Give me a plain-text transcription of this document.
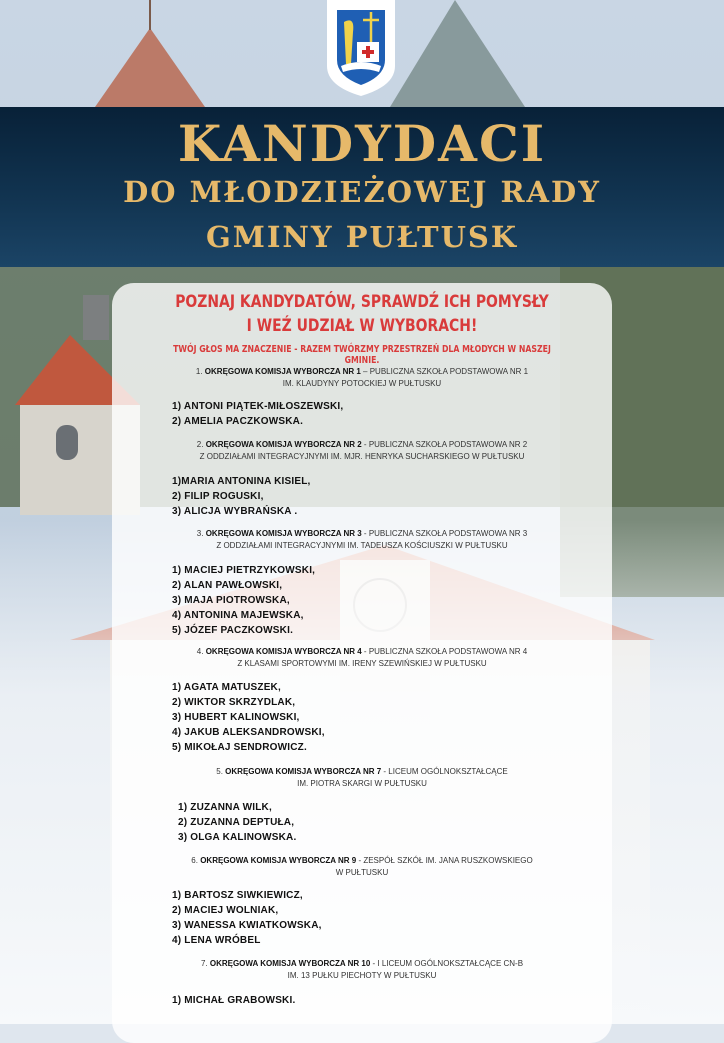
KANDYDACI
DO MŁODZIEŻOWEJ RADY
GMINY PUŁTUSK
POZNAJ KANDYDATÓW, SPRAWDŹ ICH POMYSŁY
I WEŹ UDZIAŁ W WYBORACH!
TWÓJ GŁOS MA ZNACZENIE - RAZEM TWÓRZMY PRZESTRZEŃ DLA MŁODYCH W NASZEJ GMINIE.
1. OKRĘGOWA KOMISJA WYBORCZA NR 1 – PUBLICZNA SZKOŁA PODSTAWOWA NR 1
IM. KLAUDYNY POTOCKIEJ W PUŁTUSKU
1) ANTONI PIĄTEK-MIŁOSZEWSKI,
2) AMELIA PACZKOWSKA.
2. OKRĘGOWA KOMISJA WYBORCZA NR 2 - PUBLICZNA SZKOŁA PODSTAWOWA NR 2
Z ODDZIAŁAMI INTEGRACYJNYMI IM. MJR. HENRYKA SUCHARSKIEGO W PUŁTUSKU
1)MARIA ANTONINA KISIEL,
2) FILIP ROGUSKI,
3) ALICJA WYBRAŃSKA .
3. OKRĘGOWA KOMISJA WYBORCZA NR 3 - PUBLICZNA SZKOŁA PODSTAWOWA NR 3
Z ODDZIAŁAMI INTEGRACYJNYMI IM. TADEUSZA KOŚCIUSZKI W PUŁTUSKU
1) MACIEJ PIETRZYKOWSKI,
2) ALAN PAWŁOWSKI,
3) MAJA PIOTROWSKA,
4) ANTONINA MAJEWSKA,
5) JÓZEF PACZKOWSKI.
4. OKRĘGOWA KOMISJA WYBORCZA NR 4 - PUBLICZNA SZKOŁA PODSTAWOWA NR 4
Z KLASAMI SPORTOWYMI IM. IRENY SZEWIŃSKIEJ W PUŁTUSKU
1) AGATA MATUSZEK,
2) WIKTOR SKRZYDLAK,
3) HUBERT KALINOWSKI,
4) JAKUB ALEKSANDROWSKI,
5) MIKOŁAJ SENDROWICZ.
5. OKRĘGOWA KOMISJA WYBORCZA NR 7 - LICEUM OGÓLNOKSZTAŁCĄCE
IM. PIOTRA SKARGI W PUŁTUSKU
1) ZUZANNA WILK,
2) ZUZANNA DEPTUŁA,
3) OLGA KALINOWSKA.
6. OKRĘGOWA KOMISJA WYBORCZA NR 9 - ZESPÓŁ SZKÓŁ IM. JANA RUSZKOWSKIEGO
W PUŁTUSKU
1) BARTOSZ SIWKIEWICZ,
2) MACIEJ WOLNIAK,
3) WANESSA KWIATKOWSKA,
4) LENA WRÓBEL
7. OKRĘGOWA KOMISJA WYBORCZA NR 10 - I LICEUM OGÓLNOKSZTAŁCĄCE CN-B
IM. 13 PUŁKU PIECHOTY W PUŁTUSKU
1) MICHAŁ GRABOWSKI.
